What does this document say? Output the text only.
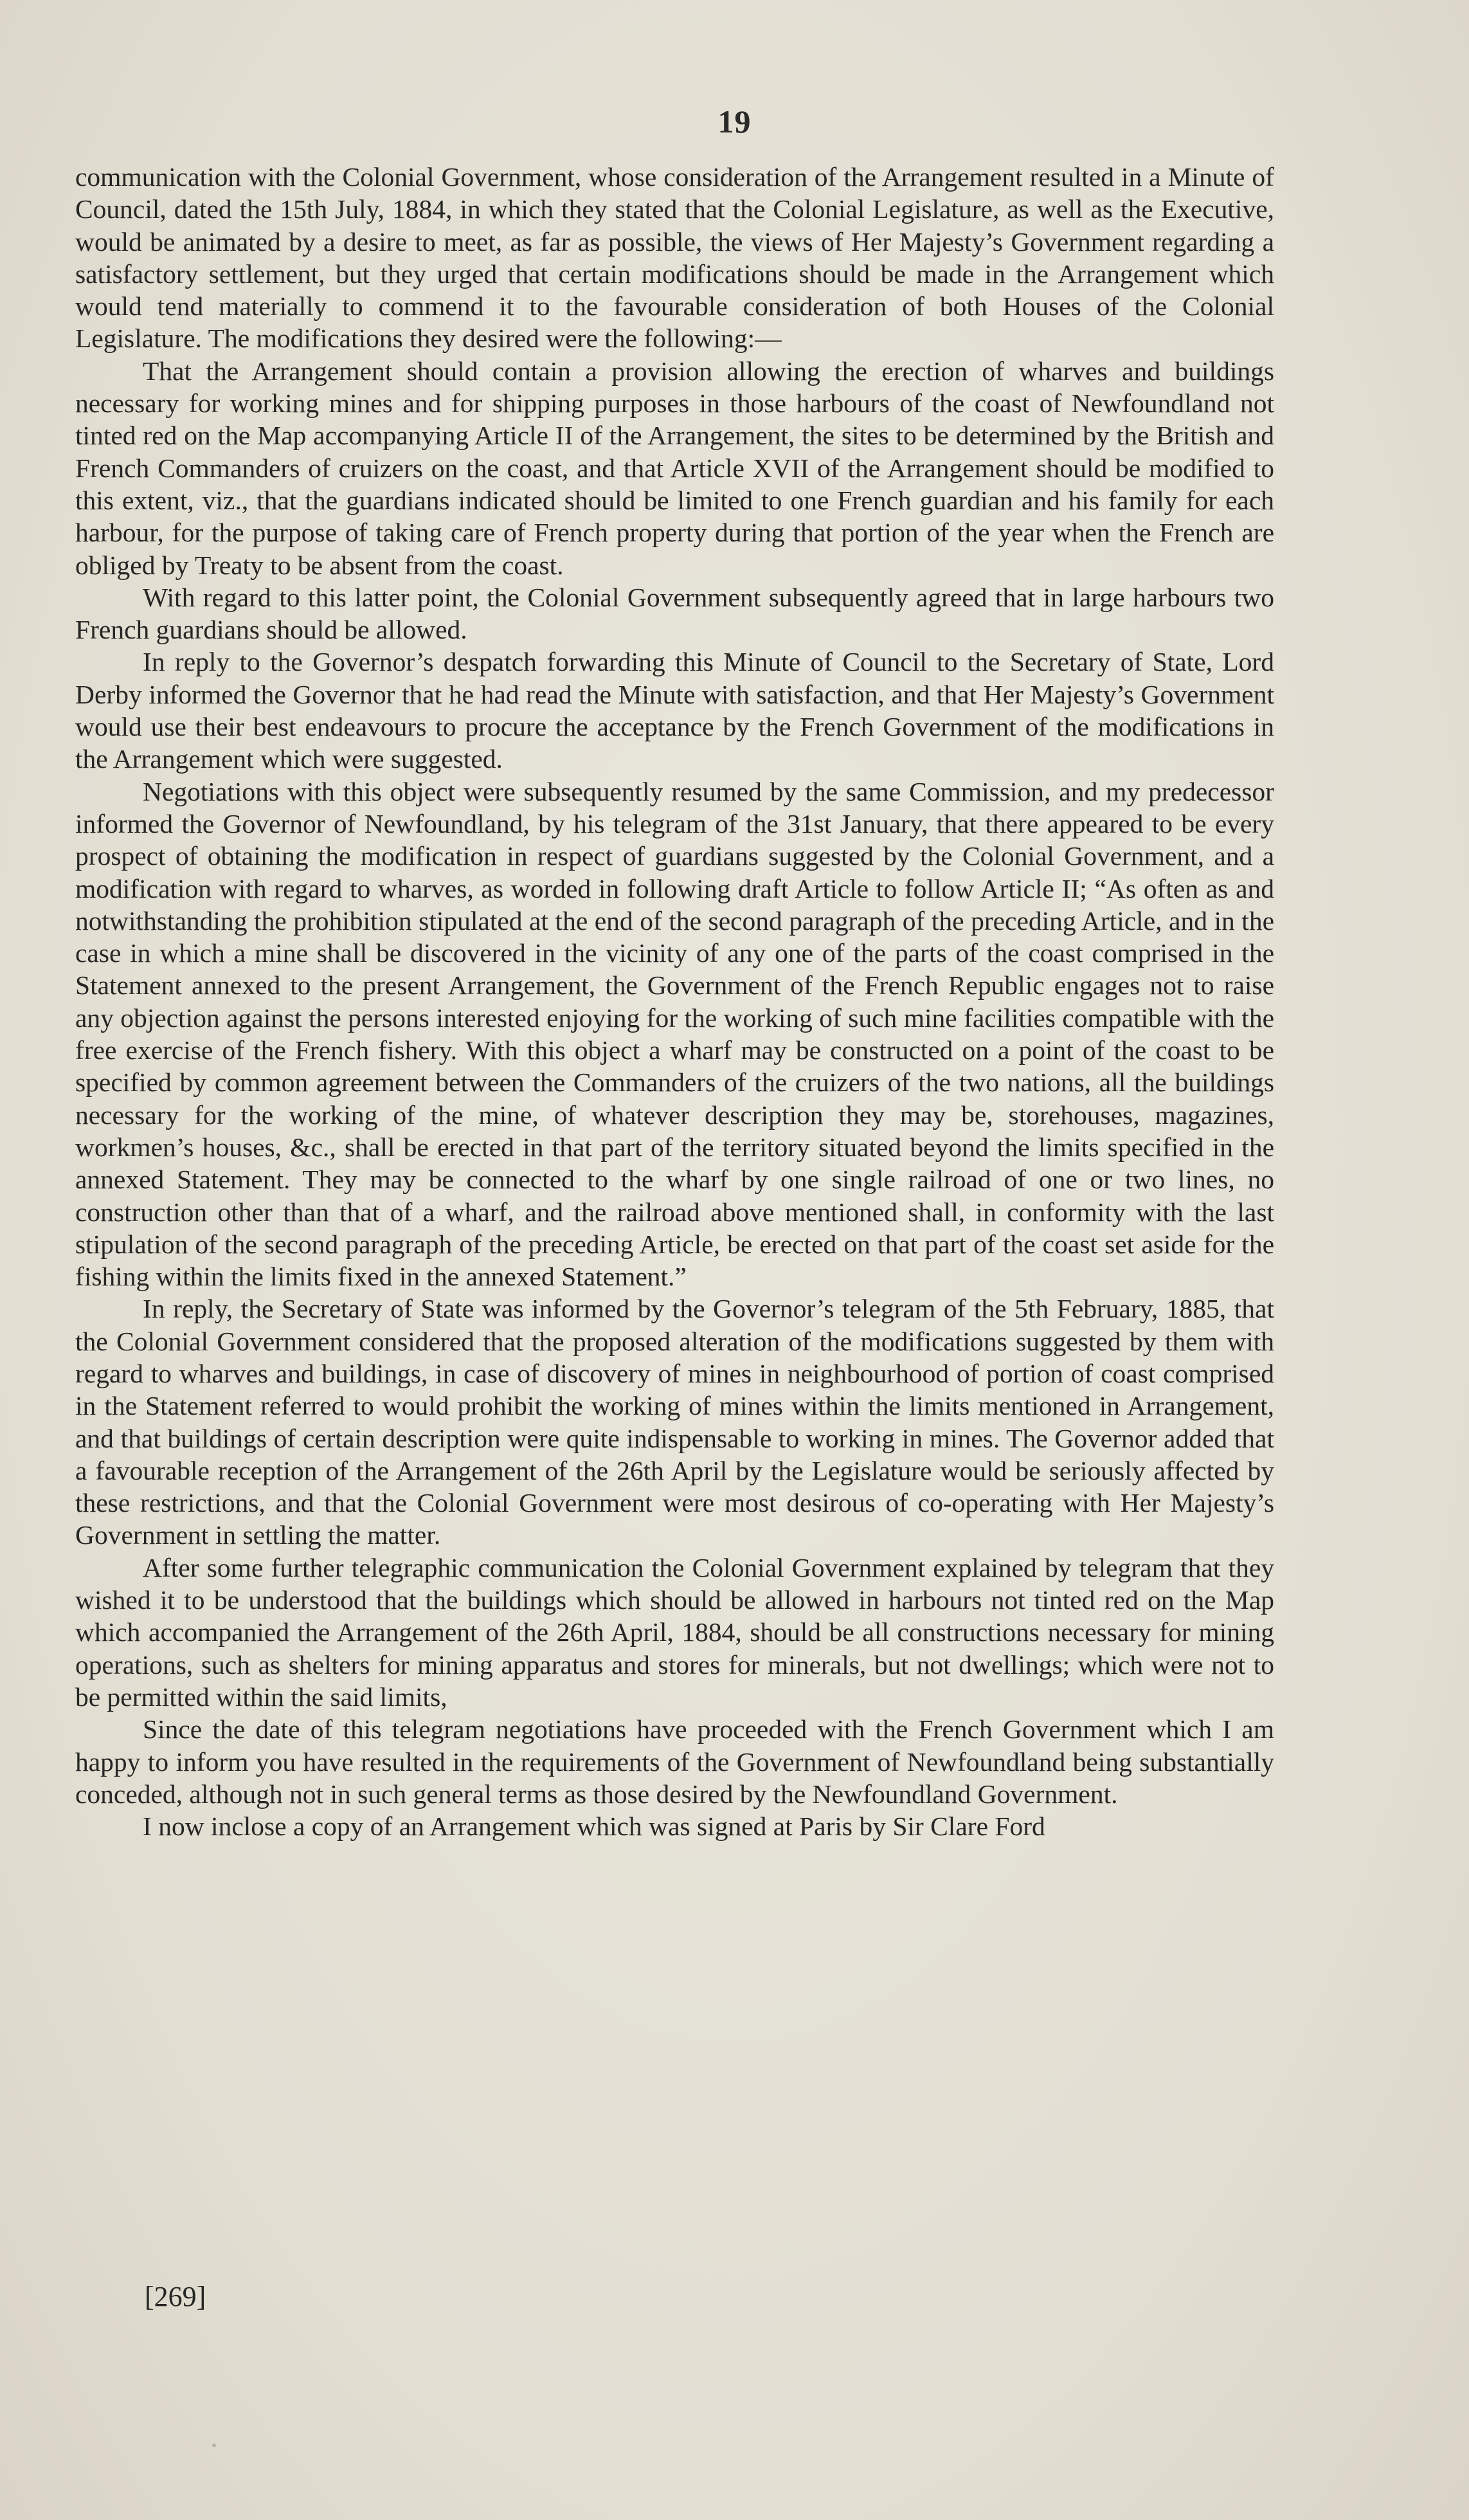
19

communication with the Colonial Government, whose consideration of the Arrangement resulted in a Minute of Council, dated the 15th July, 1884, in which they stated that the Colonial Legislature, as well as the Executive, would be animated by a desire to meet, as far as possible, the views of Her Majesty’s Government regarding a satisfactory settlement, but they urged that certain modifications should be made in the Arrangement which would tend materially to commend it to the favourable consideration of both Houses of the Colonial Legislature. The modifications they desired were the following:—

That the Arrangement should contain a provision allowing the erection of wharves and buildings necessary for working mines and for shipping purposes in those harbours of the coast of Newfoundland not tinted red on the Map accompanying Article II of the Arrangement, the sites to be determined by the British and French Commanders of cruizers on the coast, and that Article XVII of the Arrangement should be modified to this extent, viz., that the guardians indicated should be limited to one French guardian and his family for each harbour, for the purpose of taking care of French property during that portion of the year when the French are obliged by Treaty to be absent from the coast.

With regard to this latter point, the Colonial Government subsequently agreed that in large harbours two French guardians should be allowed.

In reply to the Governor’s despatch forwarding this Minute of Council to the Secretary of State, Lord Derby informed the Governor that he had read the Minute with satisfaction, and that Her Majesty’s Government would use their best endeavours to procure the acceptance by the French Government of the modifications in the Arrangement which were suggested.

Negotiations with this object were subsequently resumed by the same Commission, and my predecessor informed the Governor of Newfoundland, by his telegram of the 31st January, that there appeared to be every prospect of obtaining the modification in respect of guardians suggested by the Colonial Government, and a modification with regard to wharves, as worded in following draft Article to follow Article II; “As often as and notwithstanding the prohibition stipulated at the end of the second paragraph of the preceding Article, and in the case in which a mine shall be discovered in the vicinity of any one of the parts of the coast comprised in the Statement annexed to the present Arrangement, the Government of the French Republic engages not to raise any objection against the persons interested enjoying for the working of such mine facilities compatible with the free exercise of the French fishery. With this object a wharf may be constructed on a point of the coast to be specified by common agreement between the Commanders of the cruizers of the two nations, all the buildings necessary for the working of the mine, of whatever description they may be, storehouses, magazines, workmen’s houses, &c., shall be erected in that part of the territory situated beyond the limits specified in the annexed Statement. They may be connected to the wharf by one single railroad of one or two lines, no construction other than that of a wharf, and the railroad above mentioned shall, in conformity with the last stipulation of the second paragraph of the preceding Article, be erected on that part of the coast set aside for the fishing within the limits fixed in the annexed Statement.”

In reply, the Secretary of State was informed by the Governor’s telegram of the 5th February, 1885, that the Colonial Government considered that the proposed alteration of the modifications suggested by them with regard to wharves and buildings, in case of discovery of mines in neighbourhood of portion of coast comprised in the Statement referred to would prohibit the working of mines within the limits mentioned in Arrangement, and that buildings of certain description were quite indispensable to working in mines. The Governor added that a favourable reception of the Arrangement of the 26th April by the Legislature would be seriously affected by these restrictions, and that the Colonial Government were most desirous of co-operating with Her Majesty’s Government in settling the matter.

After some further telegraphic communication the Colonial Government explained by telegram that they wished it to be understood that the buildings which should be allowed in harbours not tinted red on the Map which accompanied the Arrangement of the 26th April, 1884, should be all constructions necessary for mining operations, such as shelters for mining apparatus and stores for minerals, but not dwellings; which were not to be permitted within the said limits,

Since the date of this telegram negotiations have proceeded with the French Government which I am happy to inform you have resulted in the requirements of the Government of Newfoundland being substantially conceded, although not in such general terms as those desired by the Newfoundland Government.

I now inclose a copy of an Arrangement which was signed at Paris by Sir Clare Ford

[269]
